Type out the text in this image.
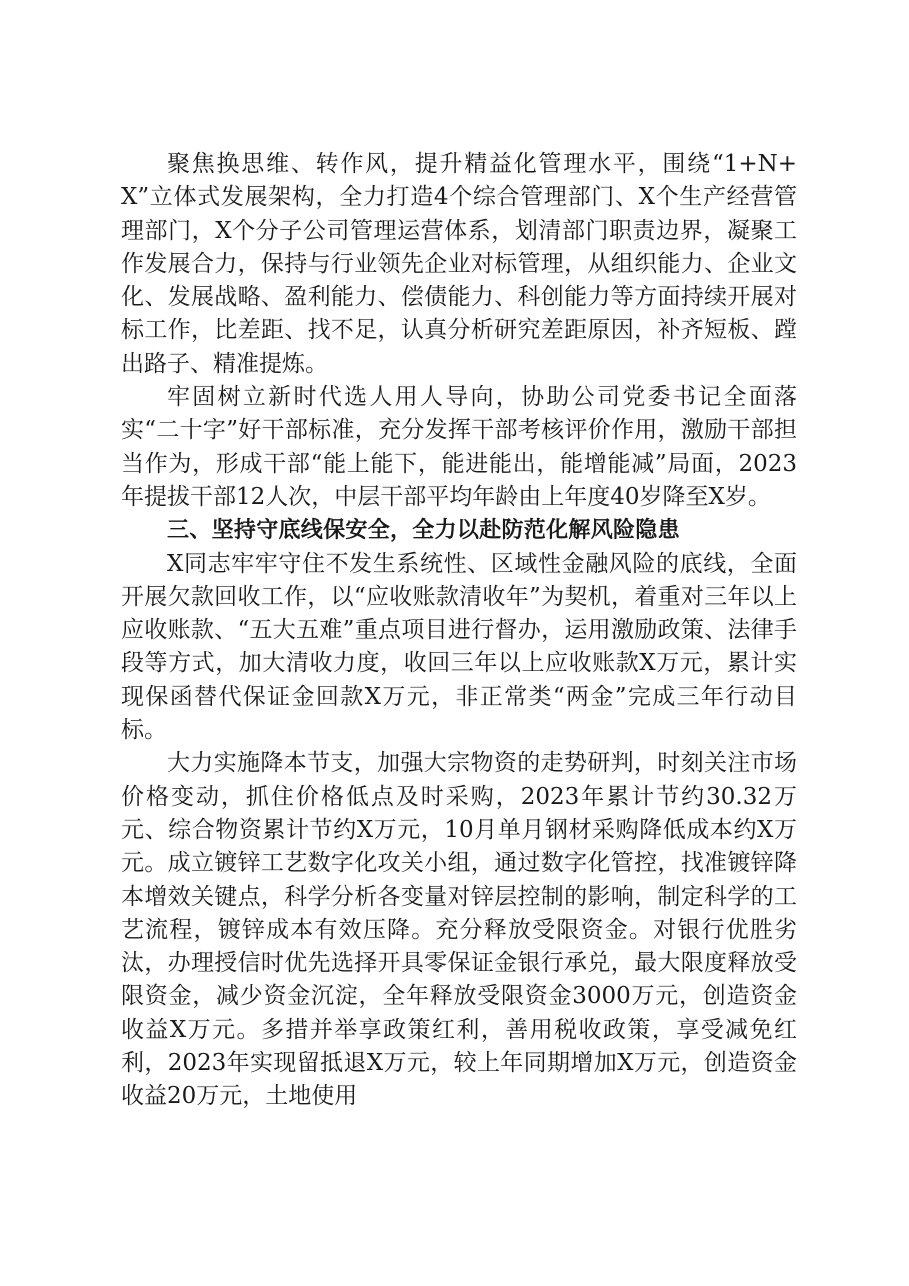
聚焦换思维、转作风，提升精益化管理水平，围绕“1+N+X”立体式发展架构，全力打造4个综合管理部门、X个生产经营管理部门，X个分子公司管理运营体系，划清部门职责边界，凝聚工作发展合力，保持与行业领先企业对标管理，从组织能力、企业文化、发展战略、盈利能力、偿债能力、科创能力等方面持续开展对标工作，比差距、找不足，认真分析研究差距原因，补齐短板、蹚出路子、精准提炼。

牢固树立新时代选人用人导向，协助公司党委书记全面落实“二十字”好干部标准，充分发挥干部考核评价作用，激励干部担当作为，形成干部“能上能下，能进能出，能增能减”局面，2023年提拔干部12人次，中层干部平均年龄由上年度40岁降至X岁。

三、坚持守底线保安全，全力以赴防范化解风险隐患

X同志牢牢守住不发生系统性、区域性金融风险的底线，全面开展欠款回收工作，以“应收账款清收年”为契机，着重对三年以上应收账款、“五大五难”重点项目进行督办，运用激励政策、法律手段等方式，加大清收力度，收回三年以上应收账款X万元，累计实现保函替代保证金回款X万元，非正常类“两金”完成三年行动目标。

大力实施降本节支，加强大宗物资的走势研判，时刻关注市场价格变动，抓住价格低点及时采购，2023年累计节约30.32万元、综合物资累计节约X万元，10月单月钢材采购降低成本约X万元。成立镀锌工艺数字化攻关小组，通过数字化管控，找准镀锌降本增效关键点，科学分析各变量对锌层控制的影响，制定科学的工艺流程，镀锌成本有效压降。充分释放受限资金。对银行优胜劣汰，办理授信时优先选择开具零保证金银行承兑，最大限度释放受限资金，减少资金沉淀，全年释放受限资金3000万元，创造资金收益X万元。多措并举享政策红利，善用税收政策，享受减免红利，2023年实现留抵退X万元，较上年同期增加X万元，创造资金收益20万元，土地使用
